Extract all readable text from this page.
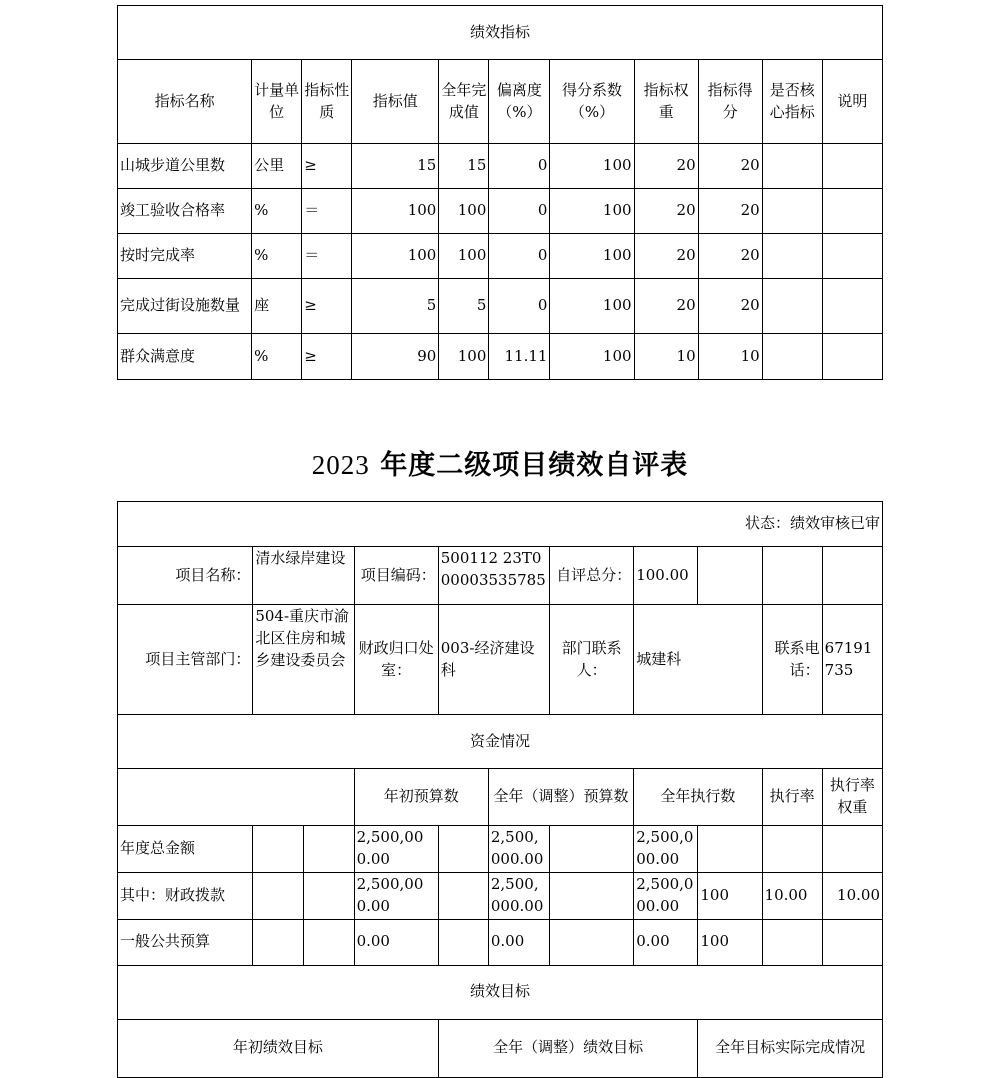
绩效指标										
指标名称	计量单位	指标性质	指标值	全年完成值	偏离度（%）	得分系数（%）	指标权重	指标得分	是否核心指标	说明
山城步道公里数	公里	≥	15	15	0	100	20	20		
竣工验收合格率	%	＝	100	100	0	100	20	20		
按时完成率	%	＝	100	100	0	100	20	20		
完成过街设施数量	座	≥	5	5	0	100	20	20		
群众满意度	%	≥	90	100	11.11	100	10	10		
2023 年度二级项目绩效自评表
状态：绩效审核已审										
项目名称：	清水绿岸建设		项目编码：	500112 23T000003535785		自评总分：	100.00			
项目主管部门：	504-重庆市渝北区住房和城乡建设委员会		财政归口处室：	003-经济建设科		部门联系人：	城建科		联系电话：	67191735
资金情况										
			年初预算数		全年（调整）预算数		全年执行数		执行率	执行率权重
年度总金额			2,500,000.00		2,500,000.00		2,500,000.00			
其中：财政拨款			2,500,000.00		2,500,000.00		2,500,000.00	100	10.00	10.00
一般公共预算			0.00		0.00		0.00	100		
绩效目标										
年初绩效目标				全年（调整）绩效目标				全年目标实际完成情况		
